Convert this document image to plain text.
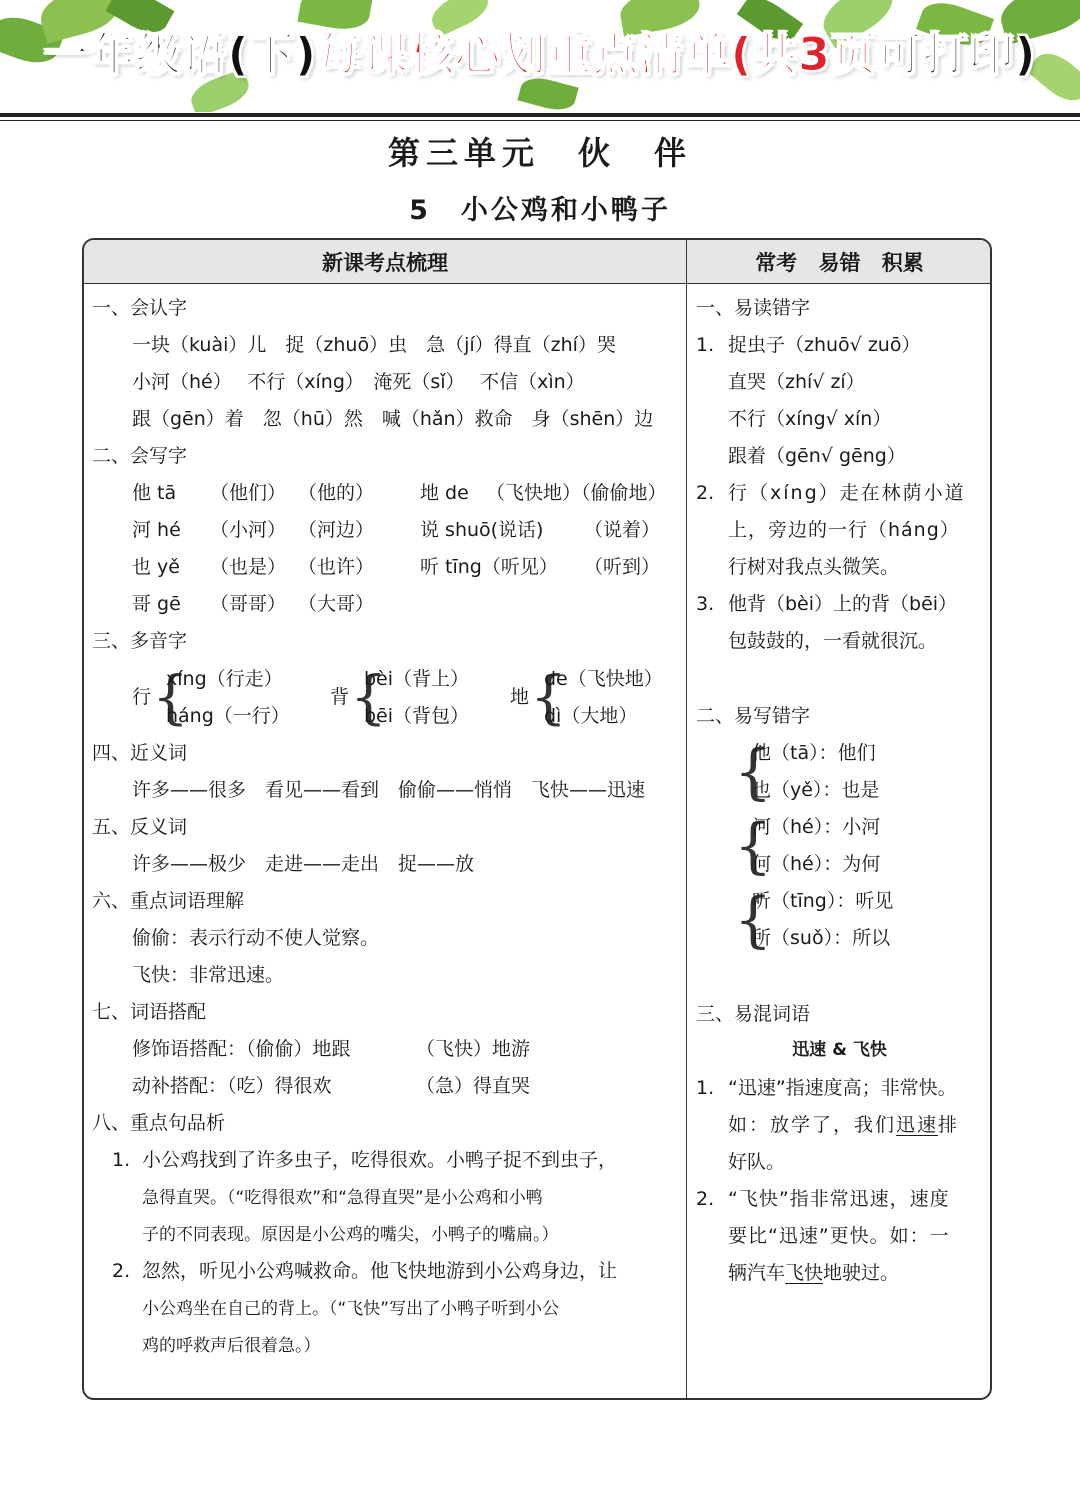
一年级语(下)每课核心划重点清单(共3页可打印)
第三单元　伙　伴
5　小公鸡和小鸭子
新课考点梳理	常考 易错 积累
一、会认字
一块（kuài）儿　捉（zhuō）虫　急（jí）得直（zhí）哭
小河（hé）　 不行（xíng）　淹死（sǐ）　 不信（xìn）
跟（gēn）着　忽（hū）然　喊（hǎn）救命　身（shēn）边
二、会写字
他 tā （他们） （他的） 地 de （飞快地）（偷偷地）
河 hé （小河） （河边） 说 shuō(说话) （说着）
也 yě （也是） （也许） 听 tīng（听见） （听到）
哥 gē （哥哥） （大哥）
三、多音字
行 {
xíng（行走）
háng（一行）
背 {
bèi（背上）
bēi（背包）
地 {
de（飞快地）
dì（大地）
四、近义词
许多——很多　看见——看到　偷偷——悄悄　飞快——迅速
五、反义词
许多——极少　走进——走出　捉——放
六、重点词语理解
偷偷：表示行动不使人觉察。
飞快：非常迅速。
七、词语搭配
修饰语搭配：（偷偷）地跟	（飞快）地游
动补搭配：（吃）得很欢	（急）得直哭
八、重点句品析
1. 小公鸡找到了许多虫子，吃得很欢。小鸭子捉不到虫子，
急得直哭。（“吃得很欢”和“急得直哭”是小公鸡和小鸭
子的不同表现。原因是小公鸡的嘴尖，小鸭子的嘴扁。）
2. 忽然，听见小公鸡喊救命。他飞快地游到小公鸡身边，让
小公鸡坐在自己的背上。（“飞快”写出了小鸭子听到小公
鸡的呼救声后很着急。）
一、易读错字
1. 捉虫子（zhuō√ zuō）
直哭（zhí√ zí）
不行（xíng√ xín）
跟着（gēn√ gēng）
2. 行（xíng）走在林荫小道
上，旁边的一行（háng）
行树对我点头微笑。
3. 他背（bèi）上的背（bēi）
包鼓鼓的，一看就很沉。
二、易写错字
{
他（tā）：他们
也（yě）：也是
{
河（hé）：小河
何（hé）：为何
{
听（tīng）：听见
所（suǒ）：所以
三、易混词语
迅速 & 飞快
1. “迅速”指速度高；非常快。
如：放学了，我们迅速排
好队。
2. “飞快”指非常迅速，速度
要比“迅速”更快。如：一
辆汽车飞快地驶过。
